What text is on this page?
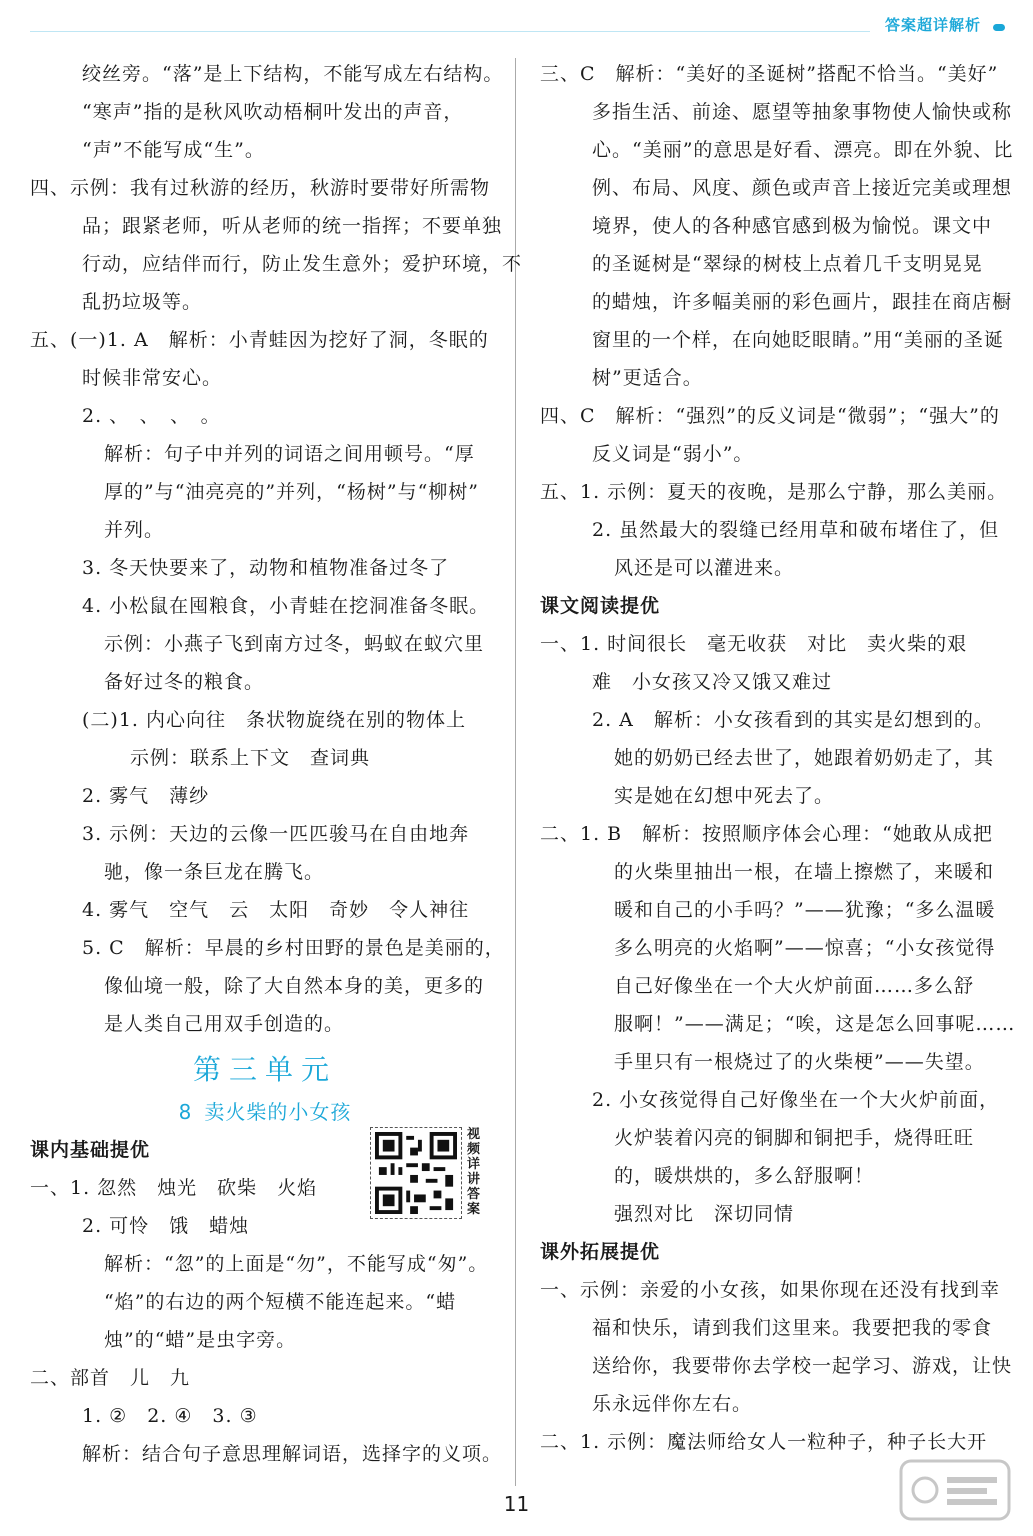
答案超详解析

绞丝旁。“落”是上下结构，不能写成左右结构。

“寒声”指的是秋风吹动梧桐叶发出的声音，

“声”不能写成“生”。

四、示例：我有过秋游的经历，秋游时要带好所需物

品；跟紧老师，听从老师的统一指挥；不要单独

行动，应结伴而行，防止发生意外；爱护环境，不

乱扔垃圾等。

五、(一)1. A　解析：小青蛙因为挖好了洞，冬眠的

时候非常安心。

2. 、　、　、　。

解析：句子中并列的词语之间用顿号。“厚

厚的”与“油亮亮的”并列，“杨树”与“柳树”

并列。

3. 冬天快要来了，动物和植物准备过冬了

4. 小松鼠在囤粮食，小青蛙在挖洞准备冬眠。

示例：小燕子飞到南方过冬，蚂蚁在蚁穴里

备好过冬的粮食。

(二)1. 内心向往　条状物旋绕在别的物体上

示例：联系上下文　查词典

2. 雾气　薄纱

3. 示例：天边的云像一匹匹骏马在自由地奔

驰，像一条巨龙在腾飞。

4. 雾气　空气　云　太阳　奇妙　令人神往

5. C　解析：早晨的乡村田野的景色是美丽的，

像仙境一般，除了大自然本身的美，更多的

是人类自己用双手创造的。

第三单元
8 卖火柴的小女孩

课内基础提优

视频详讲答案

一、1. 忽然　烛光　砍柴　火焰

2. 可怜　饿　蜡烛

解析：“忽”的上面是“勿”，不能写成“匆”。

“焰”的右边的两个短横不能连起来。“蜡

烛”的“蜡”是虫字旁。

二、部首　儿　九

1. ②　2. ④　3. ③

解析：结合句子意思理解词语，选择字的义项。

三、C　解析：“美好的圣诞树”搭配不恰当。“美好”

多指生活、前途、愿望等抽象事物使人愉快或称

心。“美丽”的意思是好看、漂亮。即在外貌、比

例、布局、风度、颜色或声音上接近完美或理想

境界，使人的各种感官感到极为愉悦。课文中

的圣诞树是“翠绿的树枝上点着几千支明晃晃

的蜡烛，许多幅美丽的彩色画片，跟挂在商店橱

窗里的一个样，在向她眨眼睛。”用“美丽的圣诞

树”更适合。

四、C　解析：“强烈”的反义词是“微弱”；“强大”的

反义词是“弱小”。

五、1. 示例：夏天的夜晚，是那么宁静，那么美丽。

2. 虽然最大的裂缝已经用草和破布堵住了，但

风还是可以灌进来。

课文阅读提优

一、1. 时间很长　毫无收获　对比　卖火柴的艰

难　小女孩又冷又饿又难过

2. A　解析：小女孩看到的其实是幻想到的。

她的奶奶已经去世了，她跟着奶奶走了，其

实是她在幻想中死去了。

二、1. B　解析：按照顺序体会心理：“她敢从成把

的火柴里抽出一根，在墙上擦燃了，来暖和

暖和自己的小手吗？”——犹豫；“多么温暖

多么明亮的火焰啊”——惊喜；“小女孩觉得

自己好像坐在一个大火炉前面……多么舒

服啊！”——满足；“唉，这是怎么回事呢……

手里只有一根烧过了的火柴梗”——失望。

2. 小女孩觉得自己好像坐在一个大火炉前面，

火炉装着闪亮的铜脚和铜把手，烧得旺旺

的，暖烘烘的，多么舒服啊！

强烈对比　深切同情

课外拓展提优

一、示例：亲爱的小女孩，如果你现在还没有找到幸

福和快乐，请到我们这里来。我要把我的零食

送给你，我要带你去学校一起学习、游戏，让快

乐永远伴你左右。

二、1. 示例：魔法师给女人一粒种子，种子长大开

11
